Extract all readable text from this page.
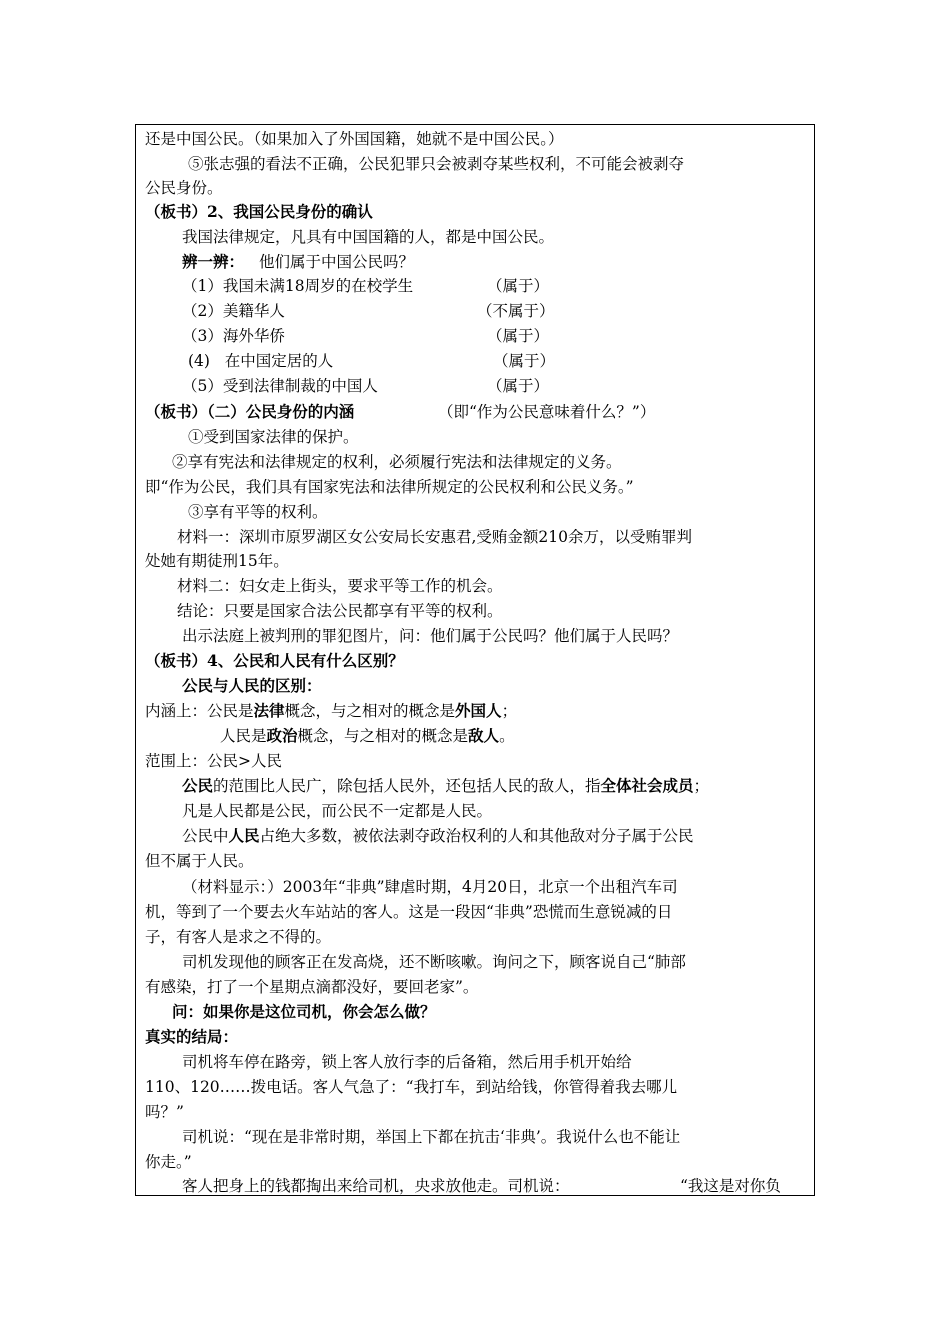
还是中国公民。（如果加入了外国国籍，她就不是中国公民。）
⑤张志强的看法不正确，公民犯罪只会被剥夺某些权利，不可能会被剥夺
公民身份。
（板书）2、我国公民身份的确认
我国法律规定，凡具有中国国籍的人，都是中国公民。
辨一辨： 他们属于中国公民吗？
（1）我国未满18周岁的在校学生	（属于）
（2）美籍华人	（不属于）
（3）海外华侨	（属于）
(4)   在中国定居的人	（属于）
（5）受到法律制裁的中国人	（属于）
（板书）（二）公民身份的内涵	（即“作为公民意味着什么？”）
①受到国家法律的保护。
②享有宪法和法律规定的权利，必须履行宪法和法律规定的义务。
即“作为公民，我们具有国家宪法和法律所规定的公民权利和公民义务。”
③享有平等的权利。
材料一：深圳市原罗湖区女公安局长安惠君,受贿金额210余万，以受贿罪判
处她有期徒刑15年。
材料二：妇女走上街头，要求平等工作的机会。
结论：只要是国家合法公民都享有平等的权利。
出示法庭上被判刑的罪犯图片，问：他们属于公民吗？他们属于人民吗？
（板书）4、公民和人民有什么区别？
公民与人民的区别：
内涵上：公民是法律概念，与之相对的概念是外国人；
人民是政治概念，与之相对的概念是敌人。
范围上：公民>人民
公民的范围比人民广，除包括人民外，还包括人民的敌人，指全体社会成员；
凡是人民都是公民，而公民不一定都是人民。
公民中人民占绝大多数，被依法剥夺政治权利的人和其他敌对分子属于公民
但不属于人民。
（材料显示：）2003年“非典”肆虐时期，4月20日，北京一个出租汽车司
机，等到了一个要去火车站站的客人。这是一段因“非典”恐慌而生意锐减的日
子，有客人是求之不得的。
司机发现他的顾客正在发高烧，还不断咳嗽。询问之下，顾客说自己“肺部
有感染，打了一个星期点滴都没好，要回老家”。
问：如果你是这位司机，你会怎么做？
真实的结局：
司机将车停在路旁，锁上客人放行李的后备箱，然后用手机开始给
110、120……拨电话。客人气急了：“我打车，到站给钱，你管得着我去哪儿
吗？”
司机说：“现在是非常时期，举国上下都在抗击‘非典’。我说什么也不能让
你走。”
客人把身上的钱都掏出来给司机，央求放他走。司机说：	“我这是对你负
